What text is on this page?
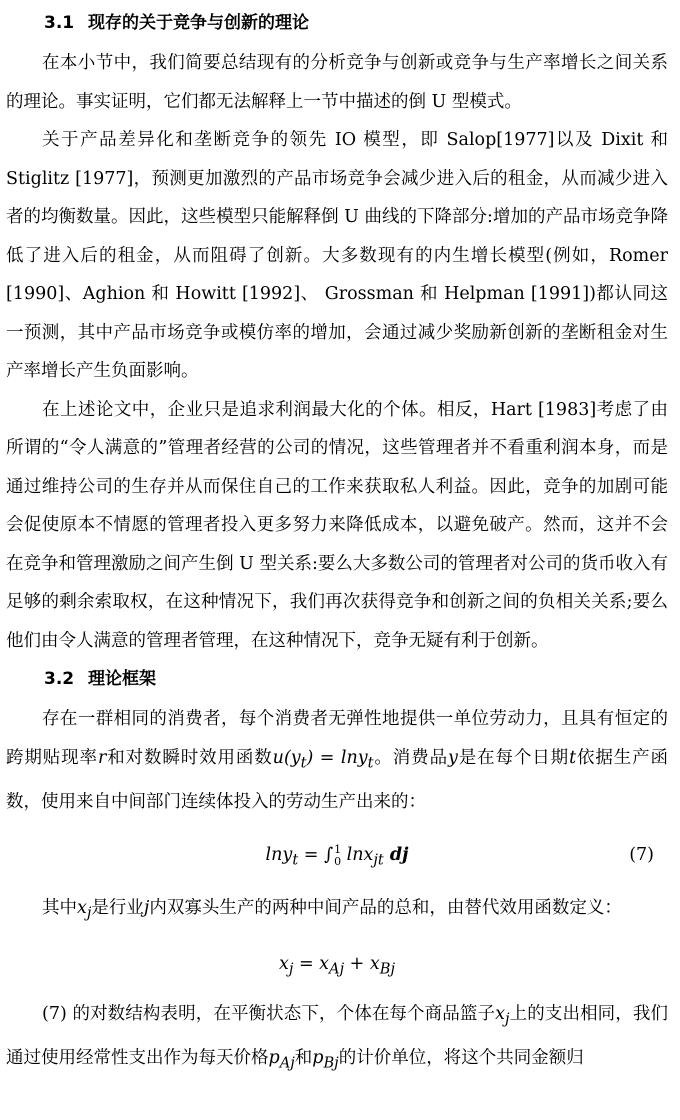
3.1 现存的关于竞争与创新的理论

在本小节中，我们简要总结现有的分析竞争与创新或竞争与生产率增长之间关系的理论。事实证明，它们都无法解释上一节中描述的倒 U 型模式。

关于产品差异化和垄断竞争的领先 IO 模型，即 Salop[1977]以及 Dixit 和 Stiglitz [1977]，预测更加激烈的产品市场竞争会减少进入后的租金，从而减少进入者的均衡数量。因此，这些模型只能解释倒 U 曲线的下降部分:增加的产品市场竞争降低了进入后的租金，从而阻碍了创新。大多数现有的内生增长模型(例如，Romer [1990]、Aghion 和 Howitt [1992]、 Grossman 和 Helpman [1991])都认同这一预测，其中产品市场竞争或模仿率的增加，会通过减少奖励新创新的垄断租金对生产率增长产生负面影响。

在上述论文中，企业只是追求利润最大化的个体。相反，Hart [1983]考虑了由所谓的“令人满意的”管理者经营的公司的情况，这些管理者并不看重利润本身，而是通过维持公司的生存并从而保住自己的工作来获取私人利益。因此，竞争的加剧可能会促使原本不情愿的管理者投入更多努力来降低成本，以避免破产。然而，这并不会在竞争和管理激励之间产生倒 U 型关系:要么大多数公司的管理者对公司的货币收入有足够的剩余索取权，在这种情况下，我们再次获得竞争和创新之间的负相关关系;要么他们由令人满意的管理者管理，在这种情况下，竞争无疑有利于创新。

3.2 理论框架

存在一群相同的消费者，每个消费者无弹性地提供一单位劳动力，且具有恒定的跨期贴现率r和对数瞬时效用函数$u(y_t) = \ln y_t$。消费品y是在每个日期t依据生产函数，使用来自中间部门连续体投入的劳动生产出来的：

lny$_t$ = ∫ 1
0 lnx$_{jt}$ dj	(7)

其中$x_j$是行业j内双寡头生产的两种中间产品的总和，由替代效用函数定义：

$x_j = x_{Aj} + x_{Bj}$

(7) 的对数结构表明，在平衡状态下，个体在每个商品篮子$x_j$上的支出相同，我们通过使用经常性支出作为每天价格$p_{Aj}$和$p_{Bj}$的计价单位，将这个共同金额归
